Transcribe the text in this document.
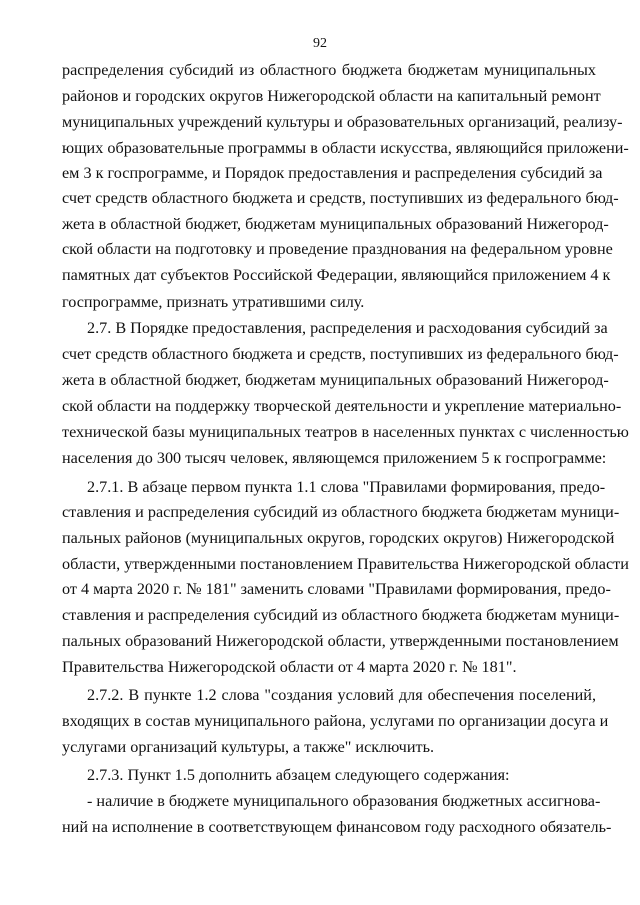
92
распределения субсидий из областного бюджета бюджетам муниципальных
районов и городских округов Нижегородской области на капитальный ремонт
муниципальных учреждений культуры и образовательных организаций, реализу-
ющих образовательные программы в области искусства, являющийся приложени-
ем 3 к госпрограмме, и Порядок предоставления и распределения субсидий за
счет средств областного бюджета и средств, поступивших из федерального бюд-
жета в областной бюджет, бюджетам муниципальных образований Нижегород-
ской области на подготовку и проведение празднования на федеральном уровне
памятных дат субъектов Российской Федерации, являющийся приложением 4 к
госпрограмме, признать утратившими силу.
2.7. В Порядке предоставления, распределения и расходования субсидий за
счет средств областного бюджета и средств, поступивших из федерального бюд-
жета в областной бюджет, бюджетам муниципальных образований Нижегород-
ской области на поддержку творческой деятельности и укрепление материально-
технической базы муниципальных театров в населенных пунктах с численностью
населения до 300 тысяч человек, являющемся приложением 5 к госпрограмме:
2.7.1. В абзаце первом пункта 1.1 слова "Правилами формирования, предо-
ставления и распределения субсидий из областного бюджета бюджетам муници-
пальных районов (муниципальных округов, городских округов) Нижегородской
области, утвержденными постановлением Правительства Нижегородской области
от 4 марта 2020 г. № 181" заменить словами "Правилами формирования, предо-
ставления и распределения субсидий из областного бюджета бюджетам муници-
пальных образований Нижегородской области, утвержденными постановлением
Правительства Нижегородской области от 4 марта 2020 г. № 181".
2.7.2. В пункте 1.2 слова "создания условий для обеспечения поселений,
входящих в состав муниципального района, услугами по организации досуга и
услугами организаций культуры, а также" исключить.
2.7.3. Пункт 1.5 дополнить абзацем следующего содержания:
- наличие в бюджете муниципального образования бюджетных ассигнова-
ний на исполнение в соответствующем финансовом году расходного обязатель-
